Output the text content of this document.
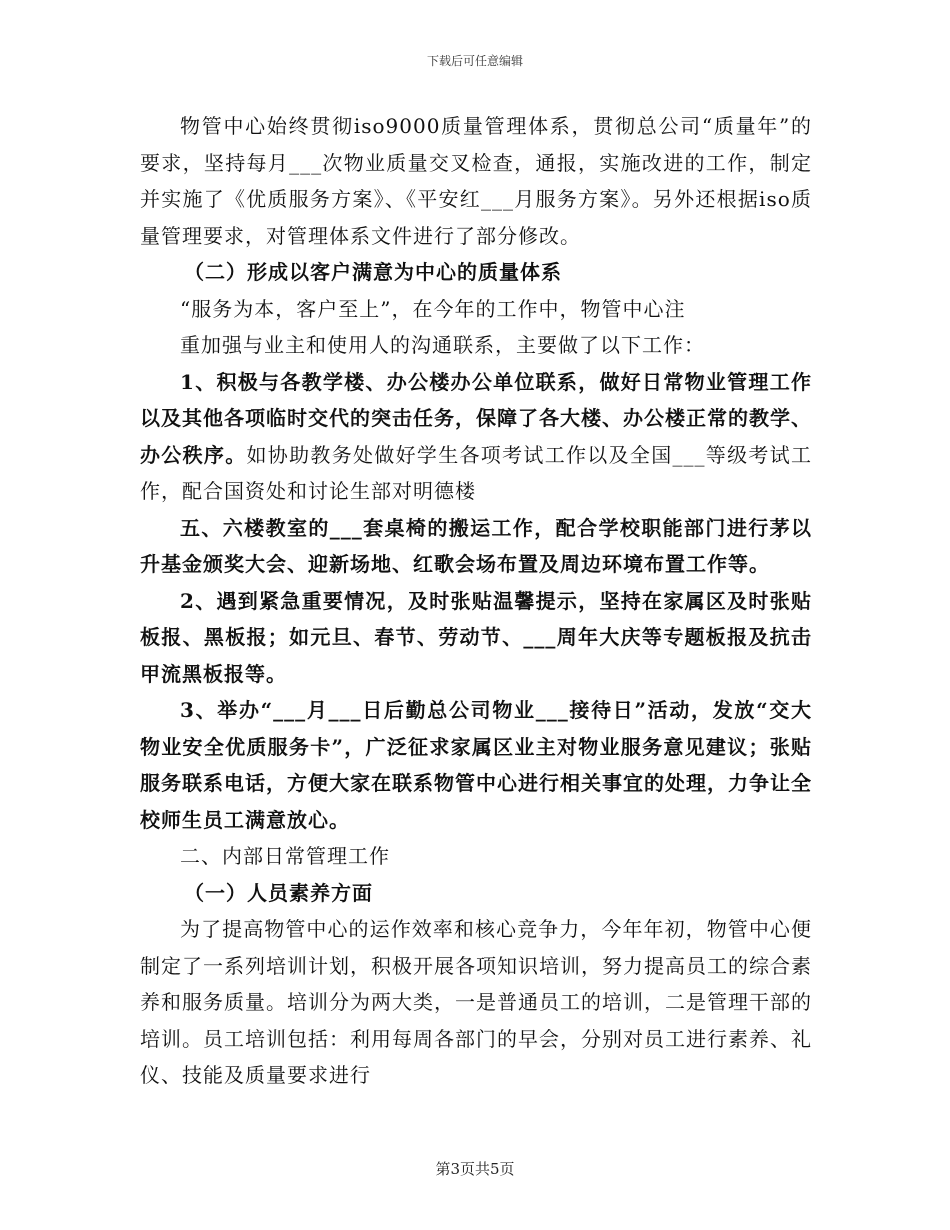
下载后可任意编辑

物管中心始终贯彻iso9000质量管理体系，贯彻总公司“质量年”的要求，坚持每月___次物业质量交叉检查，通报，实施改进的工作，制定并实施了《优质服务方案》、《平安红___月服务方案》。另外还根据iso质量管理要求，对管理体系文件进行了部分修改。

（二）形成以客户满意为中心的质量体系

“服务为本，客户至上”，在今年的工作中，物管中心注

重加强与业主和使用人的沟通联系，主要做了以下工作：

1、积极与各教学楼、办公楼办公单位联系，做好日常物业管理工作以及其他各项临时交代的突击任务，保障了各大楼、办公楼正常的教学、办公秩序。如协助教务处做好学生各项考试工作以及全国___等级考试工作，配合国资处和讨论生部对明德楼

五、六楼教室的___套桌椅的搬运工作，配合学校职能部门进行茅以升基金颁奖大会、迎新场地、红歌会场布置及周边环境布置工作等。

2、遇到紧急重要情况，及时张贴温馨提示，坚持在家属区及时张贴板报、黑板报；如元旦、春节、劳动节、___周年大庆等专题板报及抗击甲流黑板报等。

3、举办“___月___日后勤总公司物业___接待日”活动，发放“交大物业安全优质服务卡”，广泛征求家属区业主对物业服务意见建议；张贴服务联系电话，方便大家在联系物管中心进行相关事宜的处理，力争让全校师生员工满意放心。

二、内部日常管理工作

（一）人员素养方面

为了提高物管中心的运作效率和核心竞争力，今年年初，物管中心便制定了一系列培训计划，积极开展各项知识培训，努力提高员工的综合素养和服务质量。培训分为两大类，一是普通员工的培训，二是管理干部的培训。员工培训包括：利用每周各部门的早会，分别对员工进行素养、礼仪、技能及质量要求进行

第3页共5页
